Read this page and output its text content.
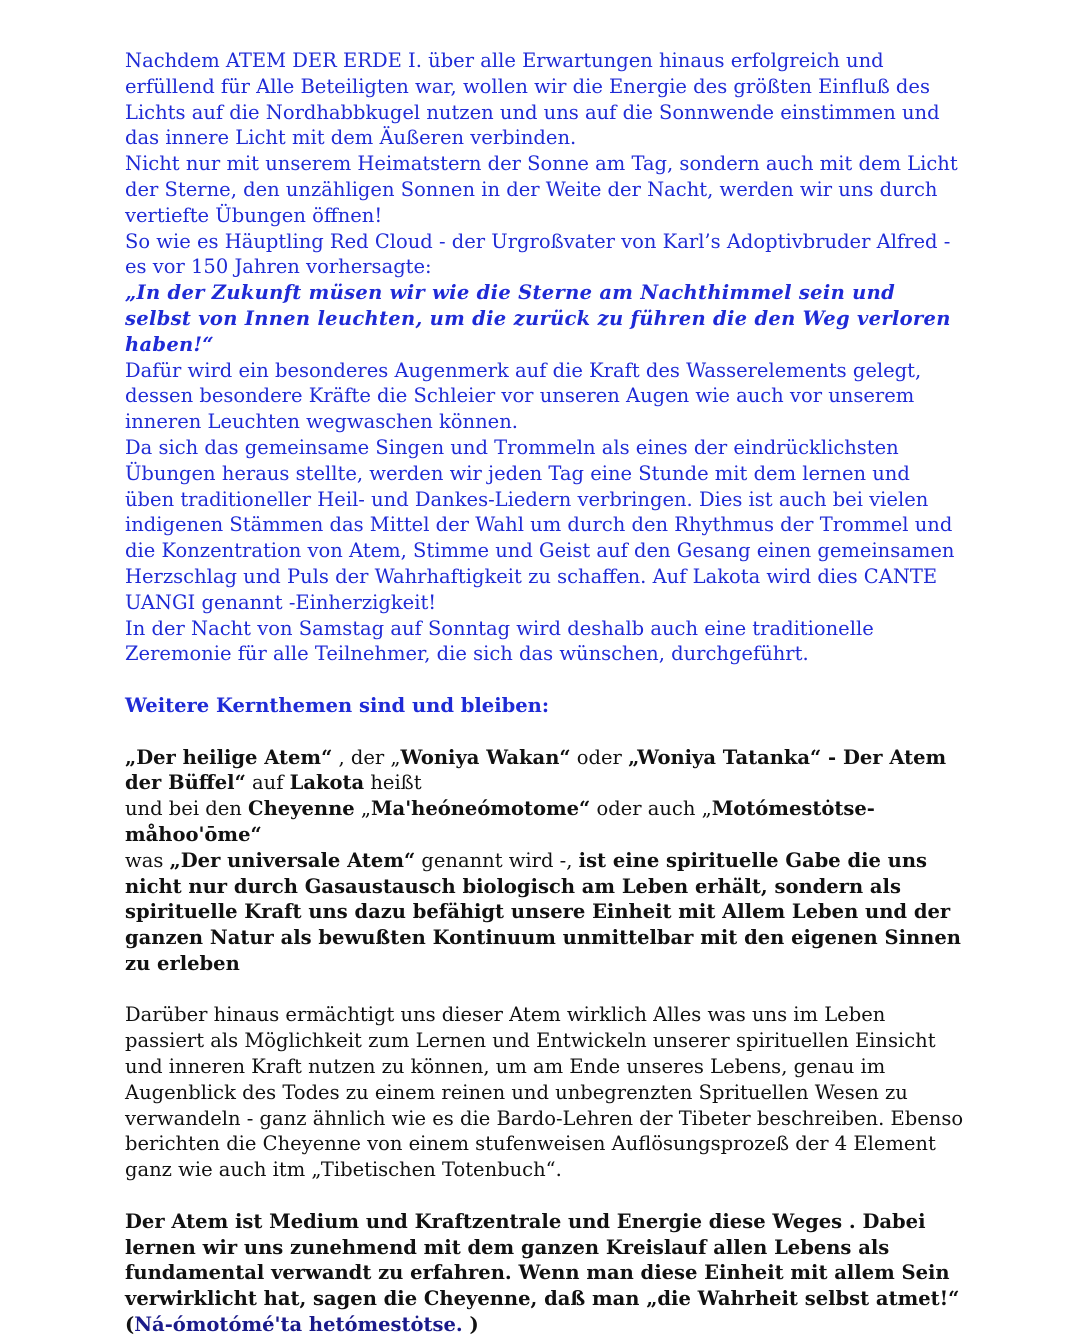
Nachdem ATEM DER ERDE I. über alle Erwartungen hinaus erfolgreich und erfüllend für Alle Beteiligten war, wollen wir die Energie des größten Einfluß des Lichts auf die Nordhabbkugel nutzen und uns auf die Sonnwende einstimmen und das innere Licht mit dem Äußeren verbinden.

Nicht nur mit unserem Heimatstern der Sonne am Tag, sondern auch mit dem Licht der Sterne, den unzähligen Sonnen in der Weite der Nacht, werden wir uns durch vertiefte Übungen öffnen!

So wie es Häuptling Red Cloud - der Urgroßvater von Karl’s Adoptivbruder Alfred - es vor 150 Jahren vorhersagte:

„In der Zukunft müsen wir wie die Sterne am Nachthimmel sein und selbst von Innen leuchten, um die zurück zu führen die den Weg verloren haben!“

Dafür wird ein besonderes Augenmerk auf die Kraft des Wasserelements gelegt, dessen besondere Kräfte die Schleier vor unseren Augen wie auch vor unserem inneren Leuchten wegwaschen können.

Da sich das gemeinsame Singen und Trommeln als eines der eindrücklichsten Übungen heraus stellte, werden wir jeden Tag eine Stunde mit dem lernen und üben traditioneller Heil- und Dankes-Liedern verbringen. Dies ist auch bei vielen indigenen Stämmen das Mittel der Wahl um durch den Rhythmus der Trommel und die Konzentration von Atem, Stimme und Geist auf den Gesang einen gemeinsamen Herzschlag und Puls der Wahrhaftigkeit zu schaffen. Auf Lakota wird dies CANTE UANGI genannt -Einherzigkeit!

In der Nacht von Samstag auf Sonntag wird deshalb auch eine traditionelle Zeremonie für alle Teilnehmer, die sich das wünschen, durchgeführt.

Weitere Kernthemen sind und bleiben:

„Der heilige Atem“ , der „Woniya Wakan“ oder „Woniya Tatanka“ - Der Atem der Büffel“ auf Lakota heißt
und bei den Cheyenne „Ma'heóneómotome“ oder auch „Motómestȯtse-måhoo'ōme“
was „Der universale Atem“ genannt wird -, ist eine spirituelle Gabe die uns nicht nur durch Gasaustausch biologisch am Leben erhält, sondern als spirituelle Kraft uns dazu befähigt unsere Einheit mit Allem Leben und der ganzen Natur als bewußten Kontinuum unmittelbar mit den eigenen Sinnen zu erleben

Darüber hinaus ermächtigt uns dieser Atem wirklich Alles was uns im Leben passiert als Möglichkeit zum Lernen und Entwickeln unserer spirituellen Einsicht und inneren Kraft nutzen zu können, um am Ende unseres Lebens, genau im Augenblick des Todes zu einem reinen und unbegrenzten Sprituellen Wesen zu verwandeln - ganz ähnlich wie es die Bardo-Lehren der Tibeter beschreiben. Ebenso berichten die Cheyenne von einem stufenweisen Auflösungsprozeß der 4 Element ganz wie auch itm „Tibetischen Totenbuch“.

Der Atem ist Medium und Kraftzentrale und Energie diese Weges . Dabei lernen wir uns zunehmend mit dem ganzen Kreislauf allen Lebens als fundamental verwandt zu erfahren. Wenn man diese Einheit mit allem Sein verwirklicht hat, sagen die Cheyenne, daß man „die Wahrheit selbst atmet!“ (Ná-ómotómé'ta hetómestȯtse. )
